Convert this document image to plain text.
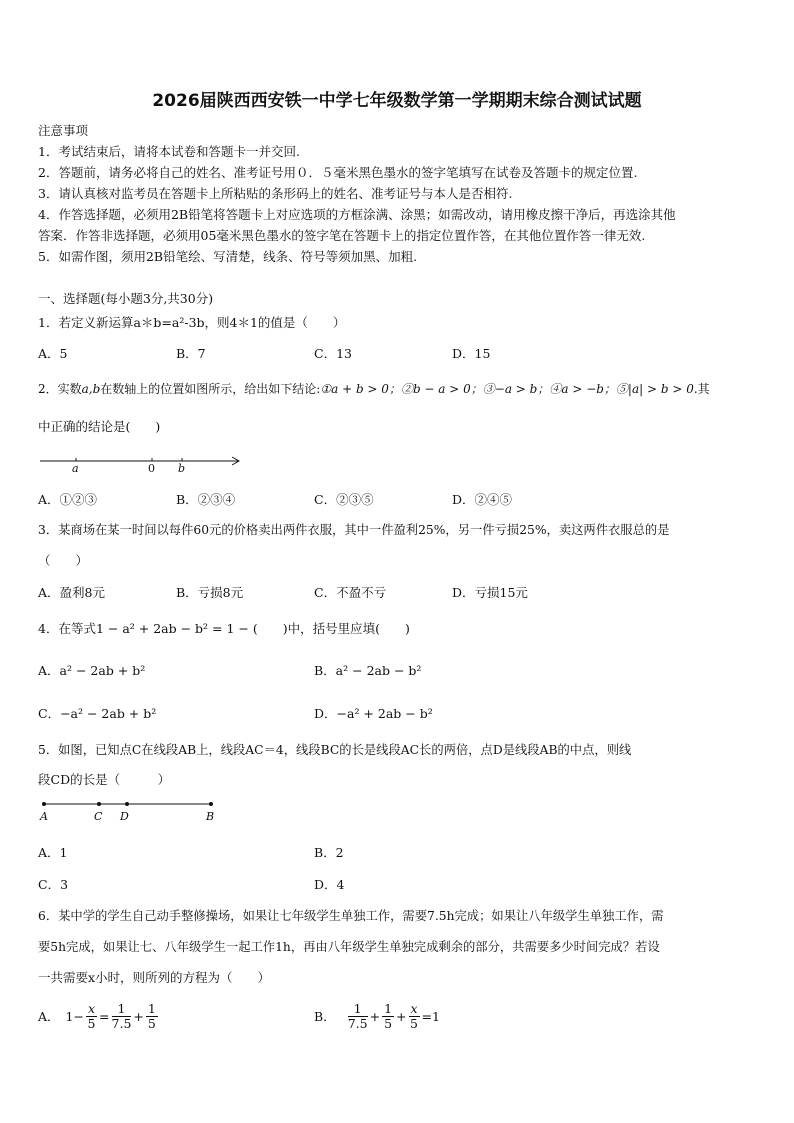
2026届陕西西安铁一中学七年级数学第一学期期末综合测试试题
注意事项
1．考试结束后，请将本试卷和答题卡一并交回.
2．答题前，请务必将自己的姓名、准考证号用０．５毫米黑色墨水的签字笔填写在试卷及答题卡的规定位置.
3．请认真核对监考员在答题卡上所粘贴的条形码上的姓名、准考证号与本人是否相符.
4．作答选择题，必须用2B铅笔将答题卡上对应选项的方框涂满、涂黑；如需改动，请用橡皮擦干净后，再选涂其他
答案．作答非选择题，必须用05毫米黑色墨水的签字笔在答题卡上的指定位置作答，在其他位置作答一律无效.
5．如需作图，须用2B铅笔绘、写清楚，线条、符号等须加黑、加粗.
一、选择题(每小题3分,共30分)
1．若定义新运算a＊b=a²-3b，则4＊1的值是（　　）
A．5	B．7	C．13	D．15
2．实数a,b在数轴上的位置如图所示，给出如下结论:①a + b > 0；②b − a > 0；③−a > b；④a > −b；⑤|a| > b > 0.其
中正确的结论是(　　)
a	0 b
A．①②③	B．②③④	C．②③⑤	D．②④⑤
3．某商场在某一时间以每件60元的价格卖出两件衣服，其中一件盈利25%，另一件亏损25%，卖这两件衣服总的是
（　　）
A．盈利8元	B．亏损8元	C．不盈不亏	D．亏损15元
4．在等式1 − a² + 2ab − b² = 1 − (　　)中，括号里应填(　　)
A．a² − 2ab + b²	B．a² − 2ab − b²
C．−a² − 2ab + b²	D．−a² + 2ab − b²
5．如图，已知点C在线段AB上，线段AC＝4，线段BC的长是线段AC长的两倍，点D是线段AB的中点，则线
段CD的长是（　　　）
A	C D	B
A．1	B．2
C．3	D．4
6．某中学的学生自己动手整修操场，如果让七年级学生单独工作，需要7.5h完成；如果让八年级学生单独工作，需
要5h完成，如果让七、八年级学生一起工作1h，再由八年级学生单独完成剩余的部分，共需要多少时间完成？若设
一共需要x小时，则所列的方程为（　　）
A． $1- \frac{x}{5} = \frac{1}{7.5} + \frac{1}{5}$	B． $\frac{1}{7.5} + \frac{1}{5} + \frac{x}{5} =1$
